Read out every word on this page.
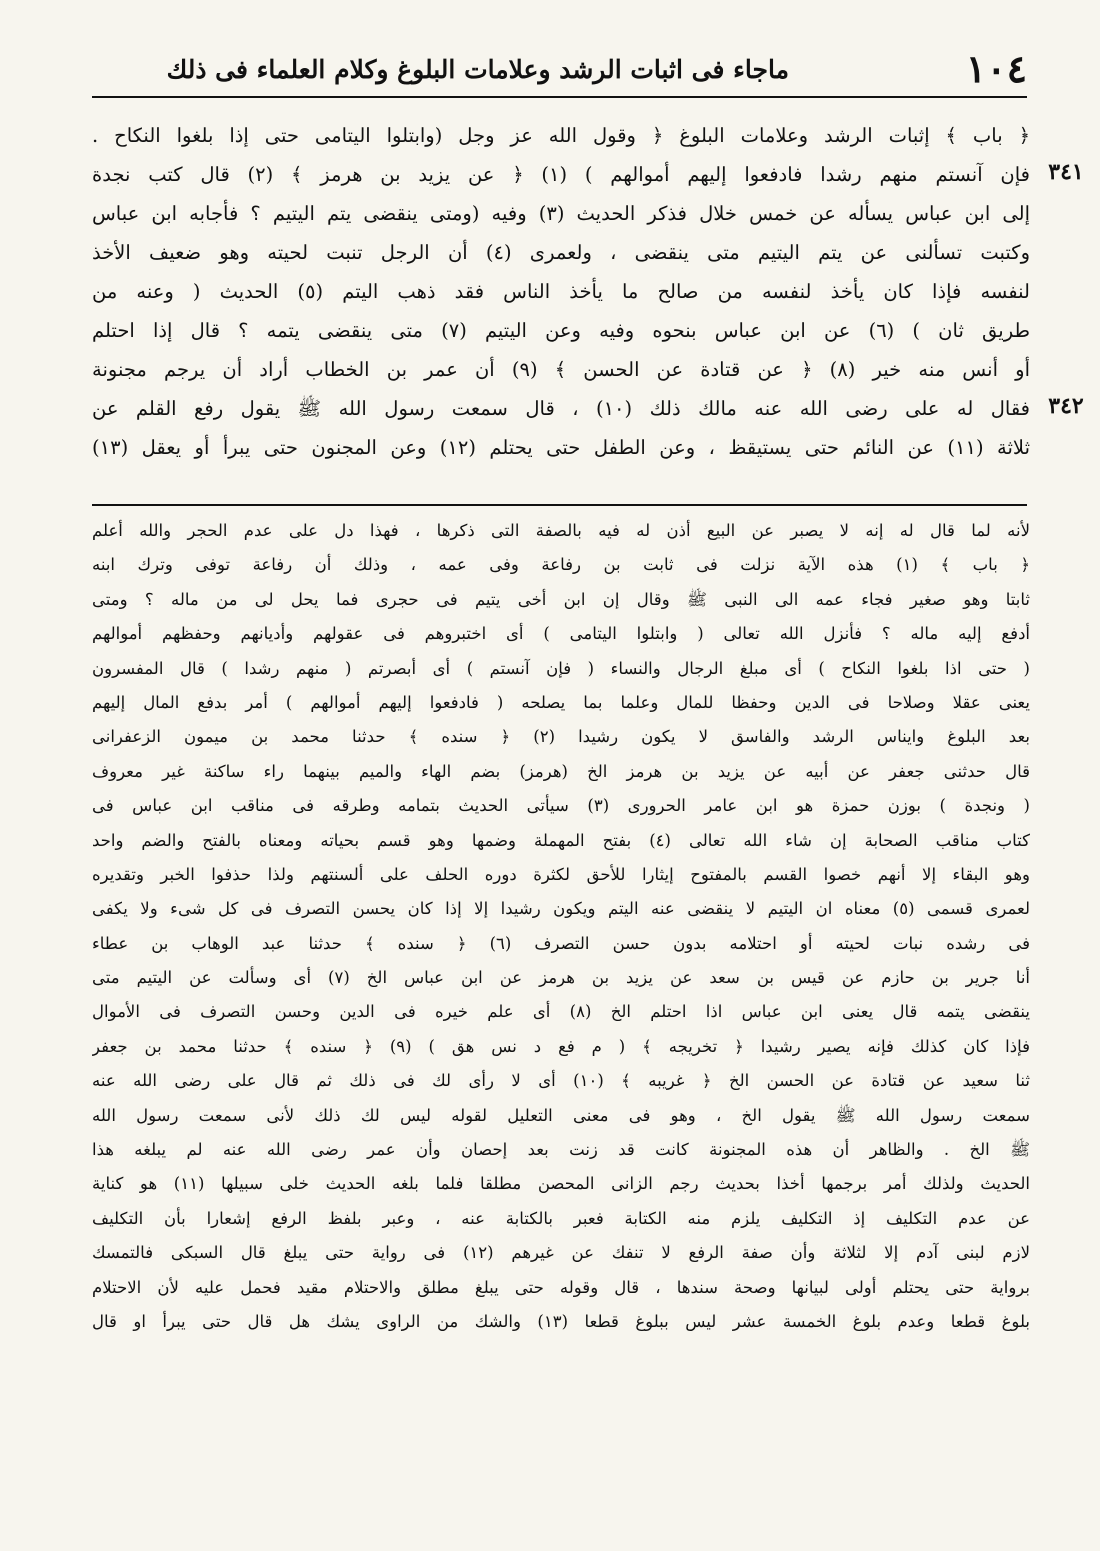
١٠٤
ماجاء فى اثبات الرشد وعلامات البلوغ وكلام العلماء فى ذلك
٣٤١
٣٤٢
﴿ باب ﴾ إثبات الرشد وعلامات البلوغ ﴿ وقول الله عز وجل (وابتلوا اليتامى حتى إذا بلغوا النكاح .
فإن آنستم منهم رشدا فادفعوا إليهم أموالهم ) (١) ﴿ عن يزيد بن هرمز ﴾ (٢) قال كتب نجدة
إلى ابن عباس يسأله عن خمس خلال فذكر الحديث (٣) وفيه (ومتى ينقضى يتم اليتيم ؟ فأجابه ابن عباس
وكتبت تسألنى عن يتم اليتيم متى ينقضى ، ولعمرى (٤) أن الرجل تنبت لحيته وهو ضعيف الأخذ
لنفسه فإذا كان يأخذ لنفسه من صالح ما يأخذ الناس فقد ذهب اليتم (٥) الحديث ( وعنه من
طريق ثان ) (٦) عن ابن عباس بنحوه وفيه وعن اليتيم (٧) متى ينقضى يتمه ؟ قال إذا احتلم
أو أنس منه خير (٨) ﴿ عن قتادة عن الحسن ﴾ (٩) أن عمر بن الخطاب أراد أن يرجم مجنونة
فقال له على رضى الله عنه مالك ذلك (١٠) ، قال سمعت رسول الله ﷺ يقول رفع القلم عن
ثلاثة (١١) عن النائم حتى يستيقظ ، وعن الطفل حتى يحتلم (١٢) وعن المجنون حتى يبرأ أو يعقل (١٣)
لأنه لما قال له إنه لا يصبر عن البيع أذن له فيه بالصفة التى ذكرها ، فهذا دل على عدم الحجر والله أعلم
﴿ باب ﴾ (١) هذه الآية نزلت فى ثابت بن رفاعة وفى عمه ، وذلك أن رفاعة توفى وترك ابنه
ثابتا وهو صغير فجاء عمه الى النبى ﷺ وقال إن ابن أخى يتيم فى حجرى فما يحل لى من ماله ؟ ومتى
أدفع إليه ماله ؟ فأنزل الله تعالى ( وابتلوا اليتامى ) أى اختبروهم فى عقولهم وأديانهم وحفظهم أموالهم
( حتى اذا بلغوا النكاح ) أى مبلغ الرجال والنساء ( فإن آنستم ) أى أبصرتم ( منهم رشدا ) قال المفسرون
يعنى عقلا وصلاحا فى الدين وحفظا للمال وعلما بما يصلحه ( فادفعوا إليهم أموالهم ) أمر بدفع المال إليهم
بعد البلوغ وايناس الرشد والفاسق لا يكون رشيدا (٢) ﴿ سنده ﴾ حدثنا محمد بن ميمون الزعفرانى
قال حدثنى جعفر عن أبيه عن يزيد بن هرمز الخ (هرمز) بضم الهاء والميم بينهما راء ساكنة غير معروف
( ونجدة ) بوزن حمزة هو ابن عامر الحرورى (٣) سيأتى الحديث بتمامه وطرقه فى مناقب ابن عباس فى
كتاب مناقب الصحابة إن شاء الله تعالى (٤) بفتح المهملة وضمها وهو قسم بحياته ومعناه بالفتح والضم واحد
وهو البقاء إلا أنهم خصوا القسم بالمفتوح إيثارا للأحق لكثرة دوره الحلف على ألسنتهم ولذا حذفوا الخبر وتقديره
لعمرى قسمى (٥) معناه ان اليتيم لا ينقضى عنه اليتم ويكون رشيدا إلا إذا كان يحسن التصرف فى كل شىء ولا يكفى
فى رشده نبات لحيته أو احتلامه بدون حسن التصرف (٦) ﴿ سنده ﴾ حدثنا عبد الوهاب بن عطاء
أنا جرير بن حازم عن قيس بن سعد عن يزيد بن هرمز عن ابن عباس الخ (٧) أى وسألت عن اليتيم متى
ينقضى يتمه قال يعنى ابن عباس اذا احتلم الخ (٨) أى علم خيره فى الدين وحسن التصرف فى الأموال
فإذا كان كذلك فإنه يصير رشيدا ﴿ تخريجه ﴾ ( م فع د نس هق ) (٩) ﴿ سنده ﴾ حدثنا محمد بن جعفر
ثنا سعيد عن قتادة عن الحسن الخ ﴿ غريبه ﴾ (١٠) أى لا رأى لك فى ذلك ثم قال على رضى الله عنه
سمعت رسول الله ﷺ يقول الخ ، وهو فى معنى التعليل لقوله ليس لك ذلك لأنى سمعت رسول الله
ﷺ الخ . والظاهر أن هذه المجنونة كانت قد زنت بعد إحصان وأن عمر رضى الله عنه لم يبلغه هذا
الحديث ولذلك أمر برجمها أخذا بحديث رجم الزانى المحصن مطلقا فلما بلغه الحديث خلى سبيلها (١١) هو كناية
عن عدم التكليف إذ التكليف يلزم منه الكتابة فعبر بالكتابة عنه ، وعبر بلفظ الرفع إشعارا بأن التكليف
لازم لبنى آدم إلا لثلاثة وأن صفة الرفع لا تنفك عن غيرهم (١٢) فى رواية حتى يبلغ قال السبكى فالتمسك
برواية حتى يحتلم أولى لبيانها وصحة سندها ، قال وقوله حتى يبلغ مطلق والاحتلام مقيد فحمل عليه لأن الاحتلام
بلوغ قطعا وعدم بلوغ الخمسة عشر ليس ببلوغ قطعا (١٣) والشك من الراوى يشك هل قال حتى يبرأ او قال
